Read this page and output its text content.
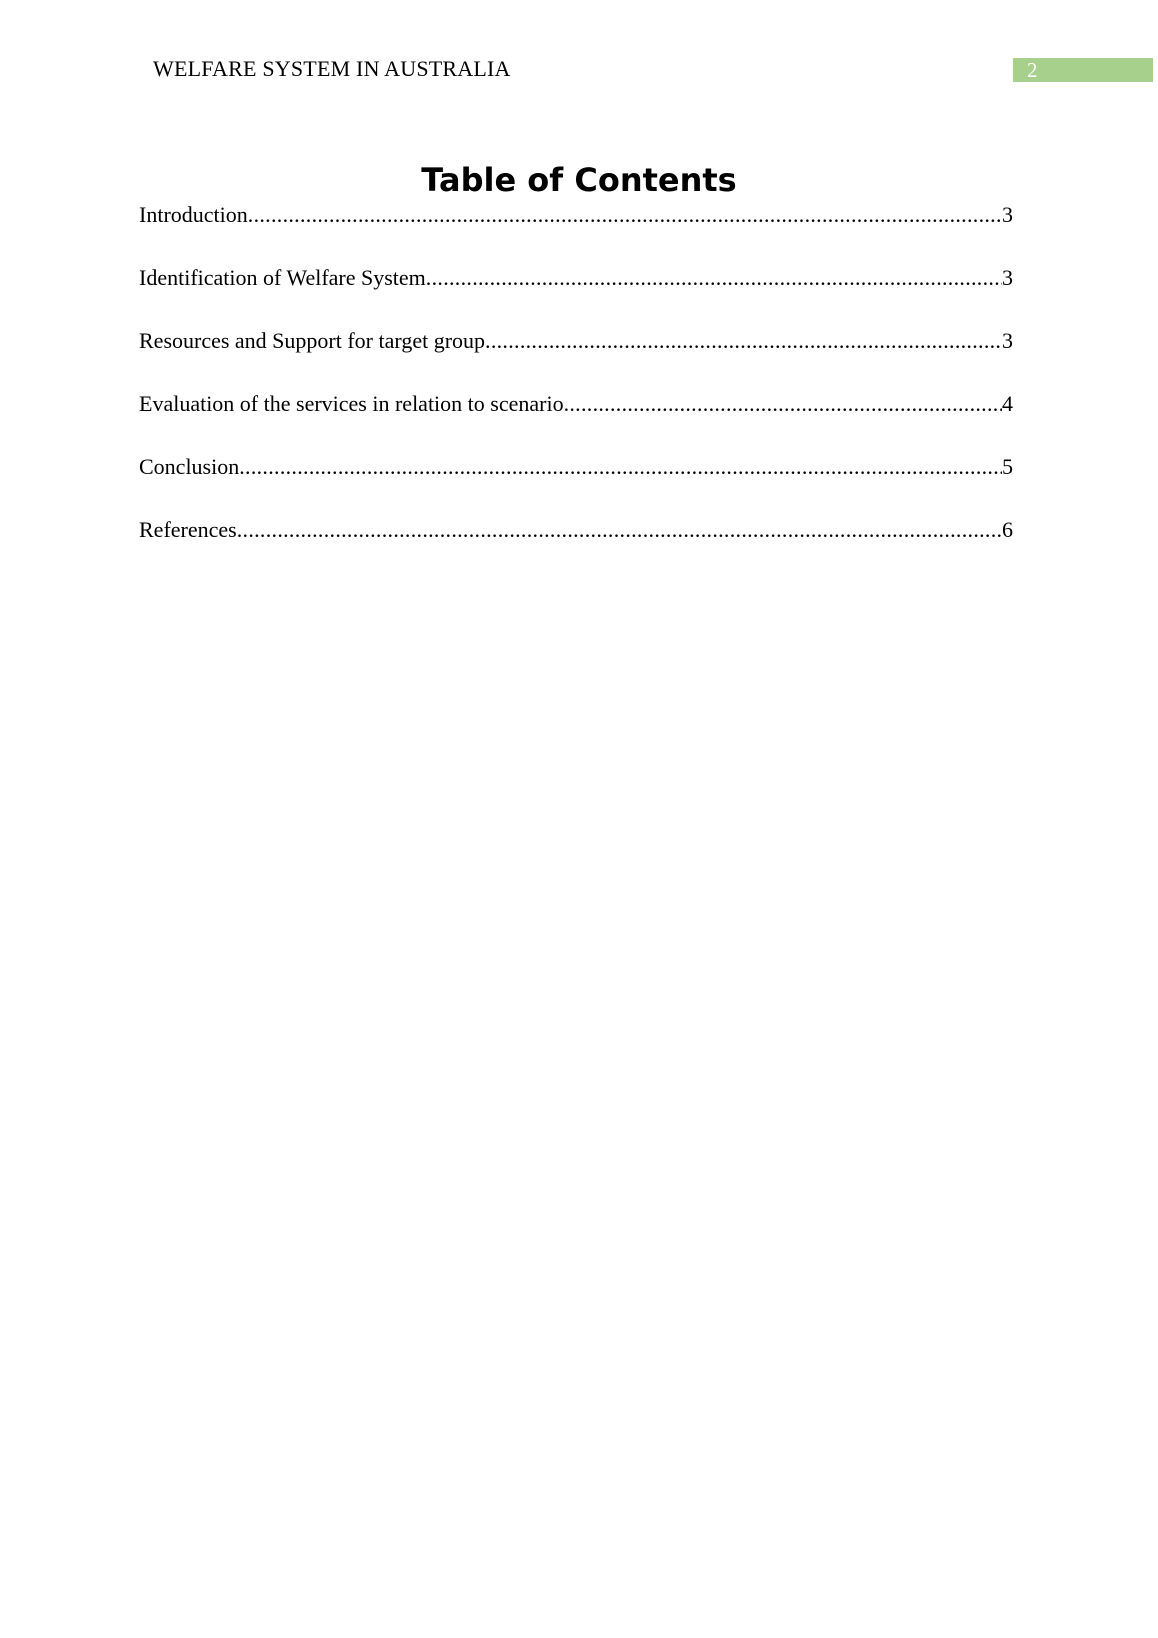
WELFARE SYSTEM IN AUSTRALIA	2
Table of Contents
Introduction .....	3
Identification of Welfare System .....	3
Resources and Support for target group .....	3
Evaluation of the services in relation to scenario .....	4
Conclusion .....	5
References .....	6
